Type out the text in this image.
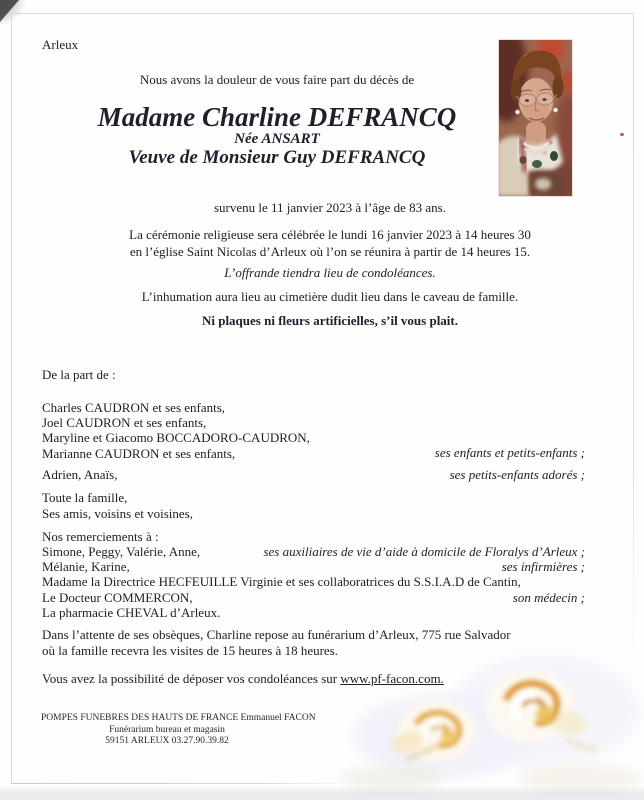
Arleux
Nous avons la douleur de vous faire part du décès de
Madame Charline DEFRANCQ
Née ANSART
Veuve de Monsieur Guy DEFRANCQ
survenu le 11 janvier 2023 à l’âge de 83 ans.
La cérémonie religieuse sera célébrée le lundi 16 janvier 2023 à 14 heures 30
en l’église Saint Nicolas d’Arleux où l’on se réunira à partir de 14 heures 15.
L’offrande tiendra lieu de condoléances.
L’inhumation aura lieu au cimetière dudit lieu dans le caveau de famille.
Ni plaques ni fleurs artificielles, s’il vous plait.
De la part de :
Charles CAUDRON et ses enfants,
Joel CAUDRON et ses enfants,
Maryline et Giacomo BOCCADORO-CAUDRON,
Marianne CAUDRON et ses enfants,	ses enfants et petits-enfants ;
Adrien, Anaïs,	ses petits-enfants adorés ;
Toute la famille,
Ses amis, voisins et voisines,
Nos remerciements à :
Simone, Peggy, Valérie, Anne,	ses auxiliaires de vie d’aide à domicile de Floralys d’Arleux ;
Mélanie, Karine,	ses infirmières ;
Madame la Directrice HECFEUILLE Virginie et ses collaboratrices du S.S.I.A.D de Cantin,
Le Docteur COMMERCON,	son médecin ;
La pharmacie CHEVAL d’Arleux.
Dans l’attente de ses obsèques, Charline repose au funérarium d’Arleux, 775 rue Salvador
où la famille recevra les visites de 15 heures à 18 heures.
Vous avez la possibilité de déposer vos condoléances sur www.pf-facon.com.
POMPES FUNEBRES DES HAUTS DE FRANCE Emmanuel FACON
Funérarium bureau et magasin
59151 ARLEUX 03.27.90.39.82
